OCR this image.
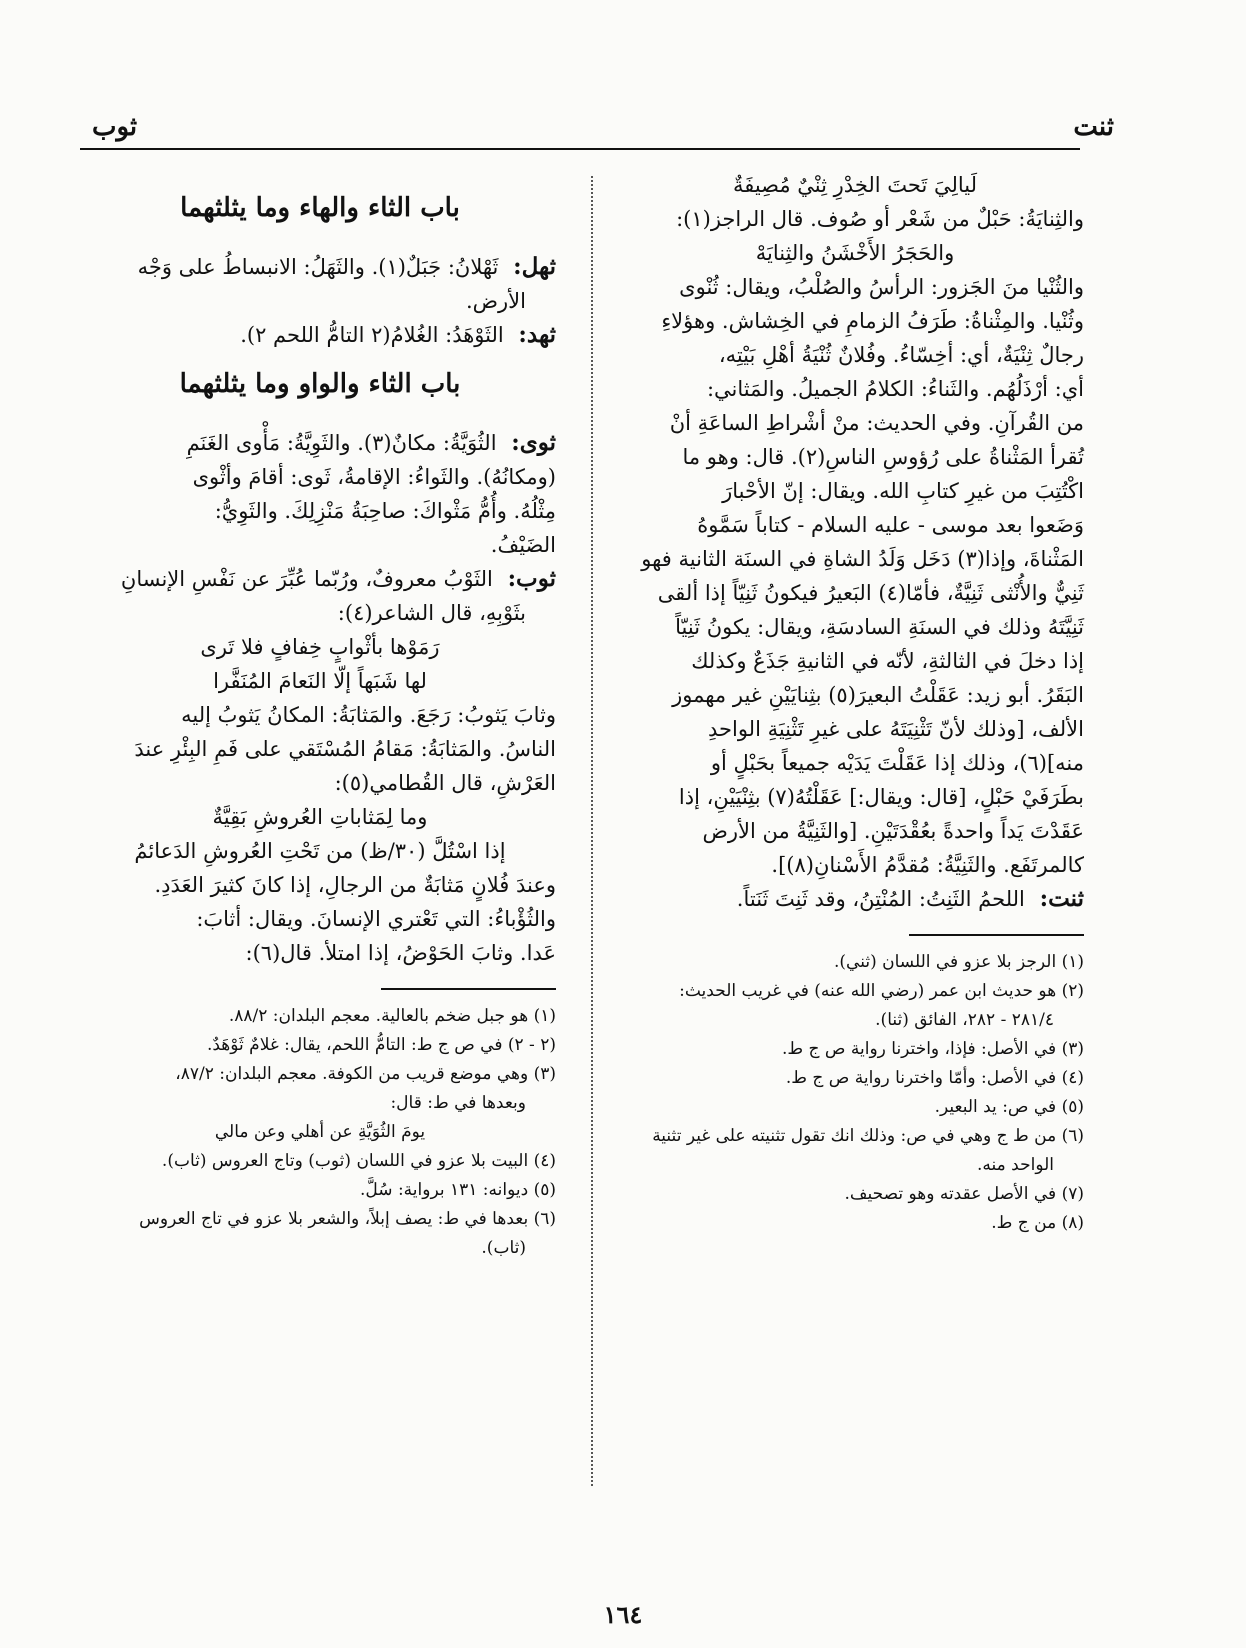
ثنت
ثوب

لَيالِيَ تَحتَ الخِدْرِ ثِنْيٌ مُصِيفَةٌ

والثِنايَةُ: حَبْلٌ من شَعْر أو صُوف. قال الراجز(١):

والحَجَرُ الأَخْشَنُ والثِنايَهْ

والثُنْيا منَ الجَزور: الرأسُ والصُلْبُ، ويقال: ثُنْوى

وثُنْيا. والمِثْناةُ: طَرَفُ الزمامِ في الخِشاش. وهؤلاءِ

رجالٌ ثِنْيَةٌ، أي: أخِسّاءُ. وفُلانٌ ثُنْيَةُ أهْلِ بَيْتِه،

أي: أرْذَلُهُم. والثَناءُ: الكلامُ الجميلُ. والمَثاني:

من القُرآنِ. وفي الحديث: منْ أشْراطِ الساعَةِ أنْ

تُقرأ المَثْناةُ على رُؤوسِ الناسِ(٢). قال: وهو ما

اكْتُتِبَ من غيرِ كتابِ الله. ويقال: إنّ الأحْبارَ

وَضَعوا بعد موسى - عليه السلام - كتاباً سَمَّوهُ

المَثْناةَ، وإذا(٣) دَخَل وَلَدُ الشاةِ في السنَة الثانية فهو

ثَنِيٌّ والأُنْثى ثَنِيَّةٌ، فأمّا(٤) البَعيرُ فيكونُ ثَنِيّاً إذا ألقى

ثَنِيَّتَهُ وذلك في السنَةِ السادسَةِ، ويقال: يكونُ ثَنِيّاً

إذا دخلَ في الثالثةِ، لأنّه في الثانيةِ جَذَعٌ وكذلك

البَقَرُ. أبو زيد: عَقَلْتُ البعيرَ(٥) بثِنايَيْنِ غير مهموز

الألف، [وذلك لأنّ تَثْنِيَتَهُ على غيرِ تَثْنِيَةِ الواحدِ

منه](٦)، وذلك إذا عَقَلْتَ يَدَيْه جميعاً بحَبْلٍ أو

بطَرَفَيْ حَبْلٍ، [قال: ويقال:] عَقَلْتُهُ(٧) بثِنْيَيْنِ، إذا

عَقَدْتَ يَداً واحدةً بعُقْدَتَيْنِ. [والثَنِيَّةُ من الأرض

كالمرتَفَع. والثَنِيَّةُ: مُقدَّمُ الأَسْنانِ(٨)].

ثنت: اللحمُ الثَنِتُ: المُنْتِنُ، وقد ثَنِتَ ثَنَتاً.

(١) الرجز بلا عزو في اللسان (ثني).

(٢) هو حديث ابن عمر (رضي الله عنه) في غريب الحديث:

٢٨١/٤ - ٢٨٢، الفائق (ثنا).

(٣) في الأصل: فإذا، واخترنا رواية ص ج ط.

(٤) في الأصل: وأمّا واخترنا رواية ص ج ط.

(٥) في ص: يد البعير.

(٦) من ط ج وهي في ص: وذلك انك تقول تثنيته على غير تثنية

الواحد منه.

(٧) في الأصل عقدته وهو تصحيف.

(٨) من ج ط.

باب الثاء والهاء وما يثلثهما

ثهل: ثَهْلانُ: جَبَلٌ(١). والثَهَلُ: الانبساطُ على وَجْه

الأرض.

ثهد: الثَوْهَدُ: الغُلامُ(٢ التامُّ اللحم ٢).

باب الثاء والواو وما يثلثهما

ثوى: الثُوَيَّةُ: مكانٌ(٣). والثَوِيَّةُ: مَأْوى الغَنَمِ

(ومكانُهُ). والثَواءُ: الإقامةُ، ثَوى: أقامَ وأثْوى

مِثْلُهُ. وأُمُّ مَثْواكَ: صاحِبَةُ مَنْزِلِكَ. والثَوِيُّ:

الضَيْفُ.

ثوب: الثَوْبُ معروفٌ، ورُبّما عُبِّرَ عن نَفْسِ الإنسانِ

بثَوْبِهِ، قال الشاعر(٤):

رَمَوْها بأثْوابٍ خِفافٍ فلا تَرى

لها شَبَهاً إلّا النَعامَ المُنَفَّرا

وثابَ يَثوبُ: رَجَعَ. والمَثابَةُ: المكانُ يَثوبُ إليه

الناسُ. والمَثابَةُ: مَقامُ المُسْتَقي على فَمِ البِئْرِ عندَ

العَرْشِ، قال القُطامي(٥):

وما لِمَثاباتِ العُروشِ بَقِيَّةٌ

إذا اسْتُلَّ (٣٠/ظ) من تَحْتِ العُروشِ الدَعائمُ

وعندَ فُلانٍ مَثابَةٌ من الرجالِ، إذا كانَ كثيرَ العَدَدِ.

والثُؤْباءُ: التي تَعْتري الإنسانَ. ويقال: أثابَ:

عَدا. وثابَ الحَوْضُ، إذا امتلأ. قال(٦):

(١) هو جبل ضخم بالعالية. معجم البلدان: ٨٨/٢.

(٢ - ٢) في ص ج ط: التامُّ اللحم، يقال: غلامٌ ثَوْهَدٌ.

(٣) وهي موضع قريب من الكوفة. معجم البلدان: ٨٧/٢،

وبعدها في ط: قال:

يومَ الثُوَيَّةِ عن أهلي وعن مالي

(٤) البيت بلا عزو في اللسان (ثوب) وتاج العروس (ثاب).

(٥) ديوانه: ١٣١ برواية: سُلَّ.

(٦) بعدها في ط: يصف إبلاً، والشعر بلا عزو في تاج العروس

(ثاب).

١٦٤
